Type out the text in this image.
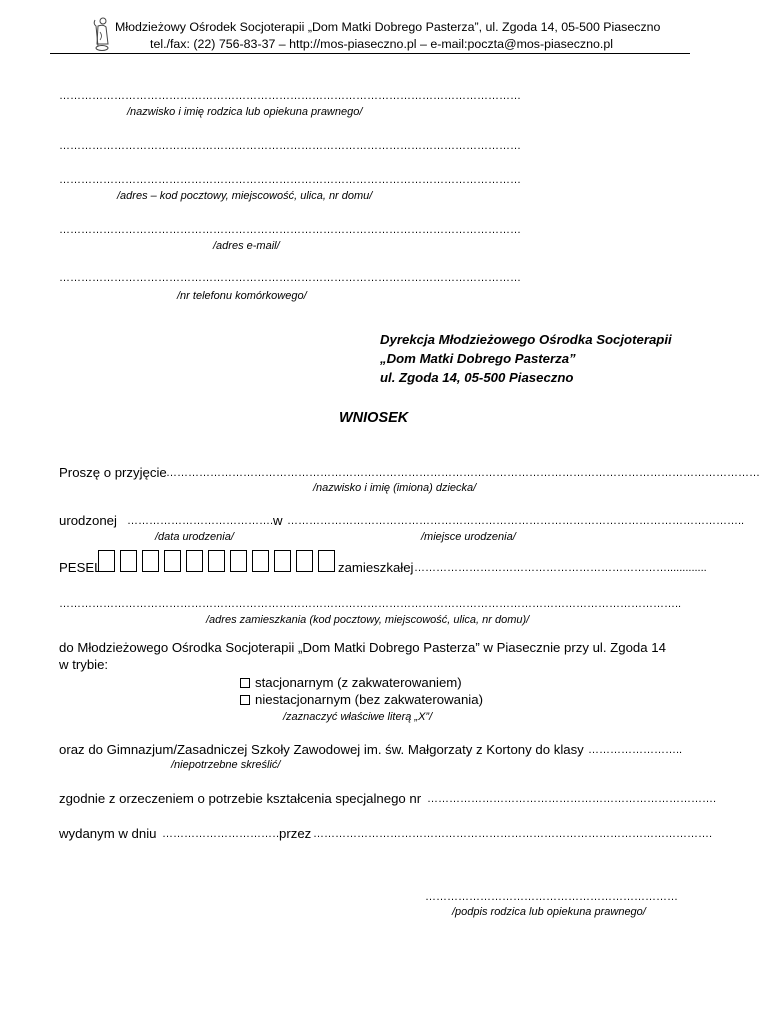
Młodzieżowy Ośrodek Socjoterapii „Dom Matki Dobrego Pasterza”, ul. Zgoda 14, 05-500 Piaseczno
tel./fax: (22) 756-83-37 – http://mos-piaseczno.pl – e-mail:poczta@mos-piaseczno.pl
………………………………………………………………………………………………………………
/nazwisko i imię rodzica lub opiekuna prawnego/
………………………………………………………………………………………………………………
………………………………………………………………………………………………………………
/adres – kod pocztowy, miejscowość, ulica, nr domu/
………………………………………………………………………………………………………………
/adres e-mail/
………………………………………………………………………………………………………………
/nr telefonu komórkowego/
Dyrekcja Młodzieżowego Ośrodka Socjoterapii
„Dom Matki Dobrego Pasterza”
ul. Zgoda 14, 05-500 Piaseczno
WNIOSEK
Proszę o przyjęcie ………………………………………………………………………………………………………………………………………………
/nazwisko i imię (imiona) dziecka/
urodzonej …………………………………. w ……………………………………………………………………………………………………………..
/data urodzenia/	/miejsce urodzenia/
PESEL	zamieszkałej …………………………………………………………….............
……………………………………………………………………………………………………………………………………………………..
/adres zamieszkania (kod pocztowy, miejscowość, ulica, nr domu)/
do Młodzieżowego Ośrodka Socjoterapii „Dom Matki Dobrego Pasterza” w Piasecznie przy ul. Zgoda 14
w trybie:
stacjonarnym (z zakwaterowaniem)
niestacjonarnym (bez zakwaterowania)
/zaznaczyć właściwe literą „X”/
oraz do Gimnazjum/Zasadniczej Szkoły Zawodowej im. św. Małgorzaty z Kortony do klasy ……………………..
/niepotrzebne skreślić/
zgodnie z orzeczeniem o potrzebie kształcenia specjalnego nr …………………………………………………………………….
wydanym w dniu ……………………………
przez ……………………………………………………………………………………………….
……………………………………………………………
/podpis rodzica lub opiekuna prawnego/
